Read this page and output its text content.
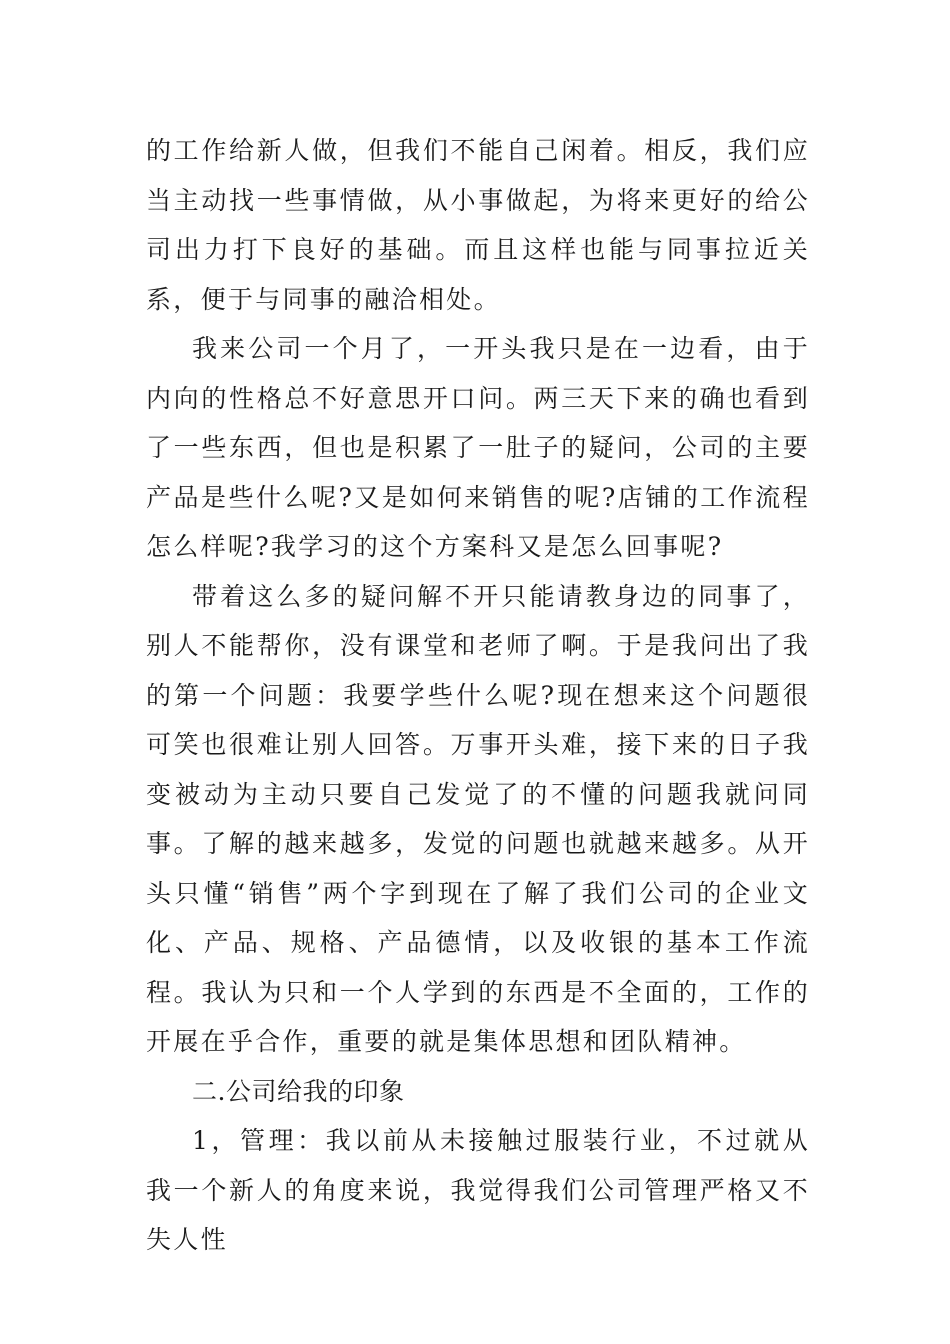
的工作给新人做，但我们不能自己闲着。相反，我们应当主动找一些事情做，从小事做起，为将来更好的给公司出力打下良好的基础。而且这样也能与同事拉近关系，便于与同事的融洽相处。

我来公司一个月了，一开头我只是在一边看，由于内向的性格总不好意思开口问。两三天下来的确也看到了一些东西，但也是积累了一肚子的疑问，公司的主要产品是些什么呢?又是如何来销售的呢?店铺的工作流程怎么样呢?我学习的这个方案科又是怎么回事呢?

带着这么多的疑问解不开只能请教身边的同事了，别人不能帮你，没有课堂和老师了啊。于是我问出了我的第一个问题：我要学些什么呢?现在想来这个问题很可笑也很难让别人回答。万事开头难，接下来的日子我变被动为主动只要自己发觉了的不懂的问题我就问同事。了解的越来越多，发觉的问题也就越来越多。从开头只懂“销售”两个字到现在了解了我们公司的企业文化、产品、规格、产品德情，以及收银的基本工作流程。我认为只和一个人学到的东西是不全面的，工作的开展在乎合作，重要的就是集体思想和团队精神。

二.公司给我的印象

1，管理：我以前从未接触过服装行业，不过就从我一个新人的角度来说，我觉得我们公司管理严格又不失人性
